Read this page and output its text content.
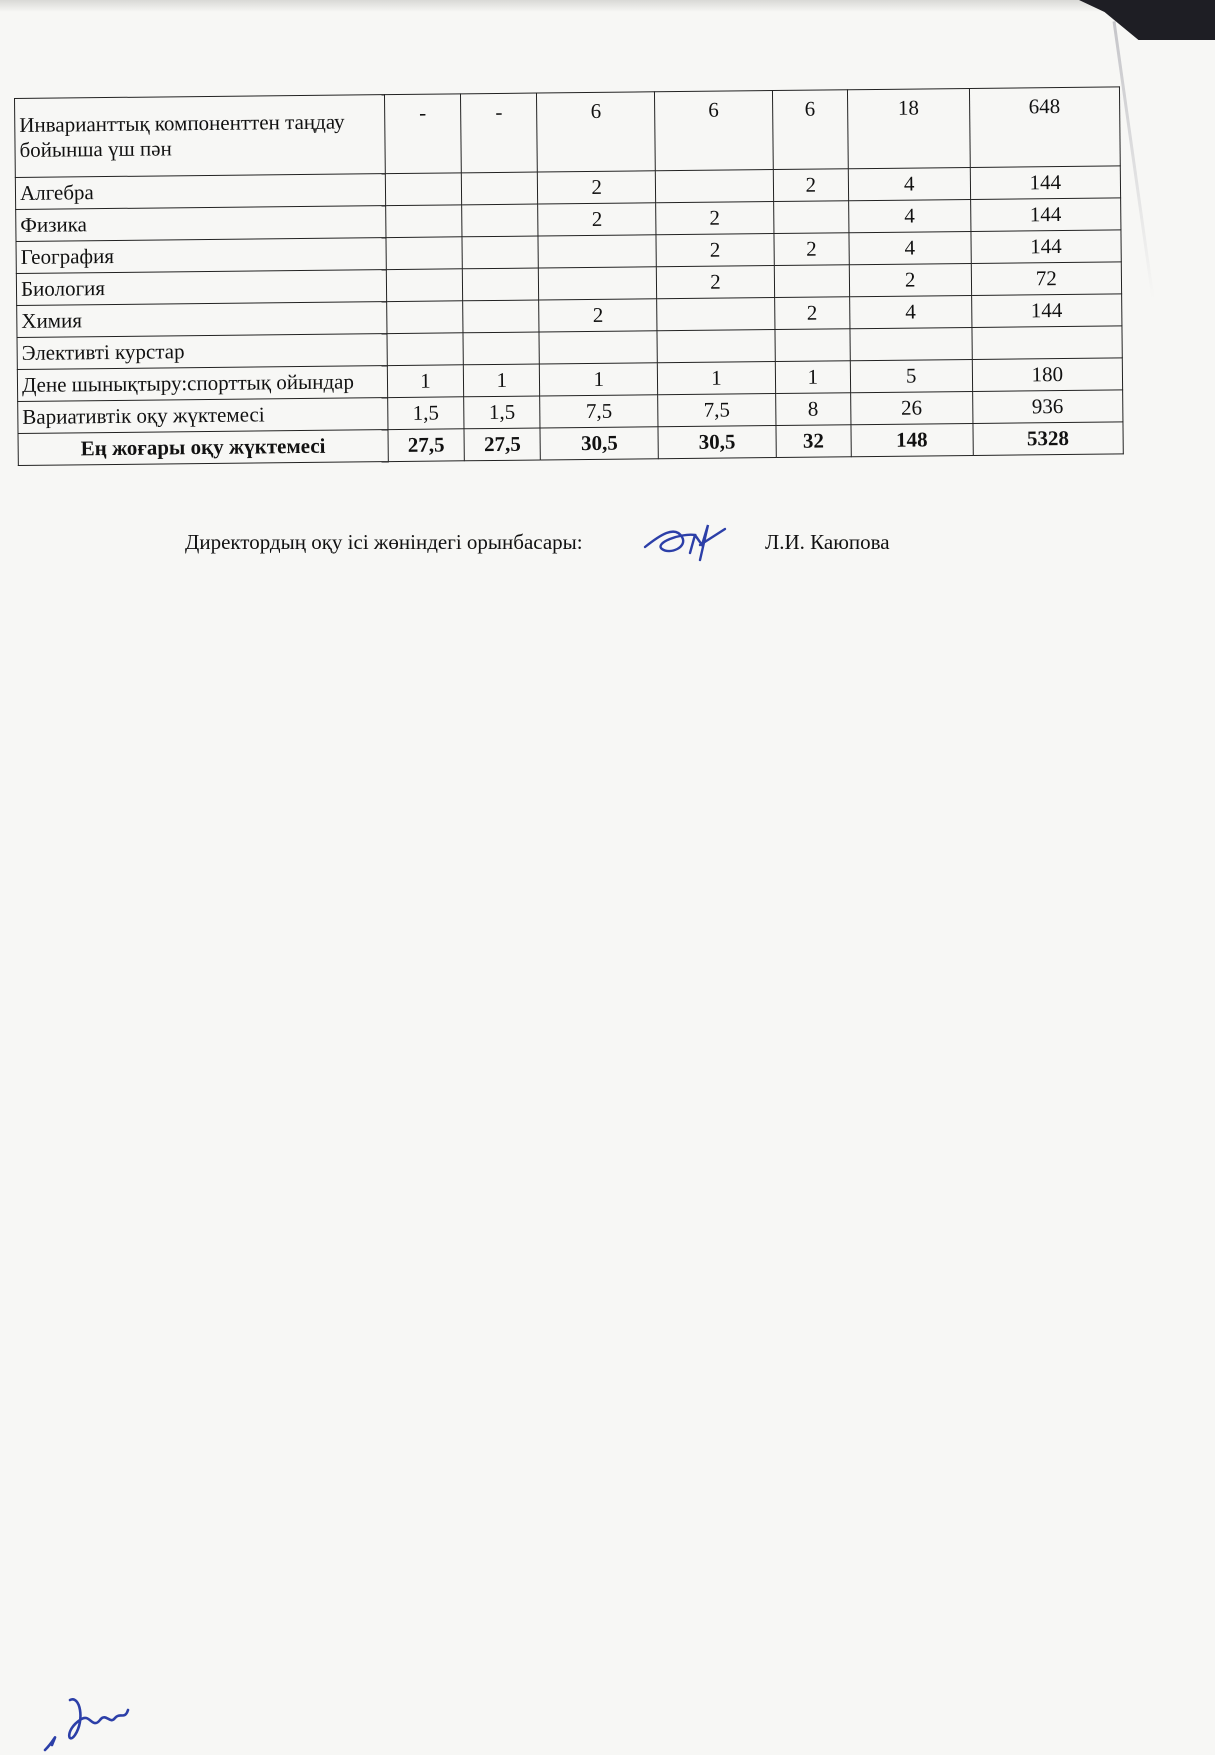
Инварианттық компоненттен таңдау бойынша үш пән	-	-	6	6	6	18	648
Алгебра			2		2	4	144
Физика			2	2		4	144
География				2	2	4	144
Биология				2		2	72
Химия			2		2	4	144
Элективті курстар							
Дене шынықтыру:спорттық ойындар	1	1	1	1	1	5	180
Вариативтік оқу жүктемесі	1,5	1,5	7,5	7,5	8	26	936
Ең жоғары оқу жүктемесі	27,5	27,5	30,5	30,5	32	148	5328
Директордың оқу ісі жөніндегі орынбасары:	Л.И. Каюпова
